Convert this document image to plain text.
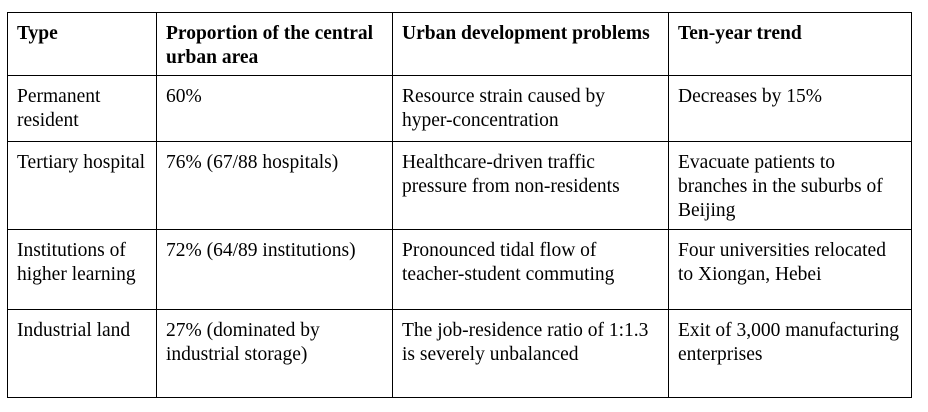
Type	Proportion of the central urban area	Urban development problems	Ten-year trend
Permanent resident	60%	Resource strain caused by hyper-concentration	Decreases by 15%
Tertiary hospital	76% (67/88 hospitals)	Healthcare-driven traffic pressure from non-residents	Evacuate patients to branches in the suburbs of Beijing
Institutions of higher learning	72% (64/89 institutions)	Pronounced tidal flow of teacher-student commuting	Four universities relocated to Xiongan, Hebei
Industrial land	27% (dominated by industrial storage)	The job-residence ratio of 1:1.3 is severely unbalanced	Exit of 3,000 manufacturing enterprises
